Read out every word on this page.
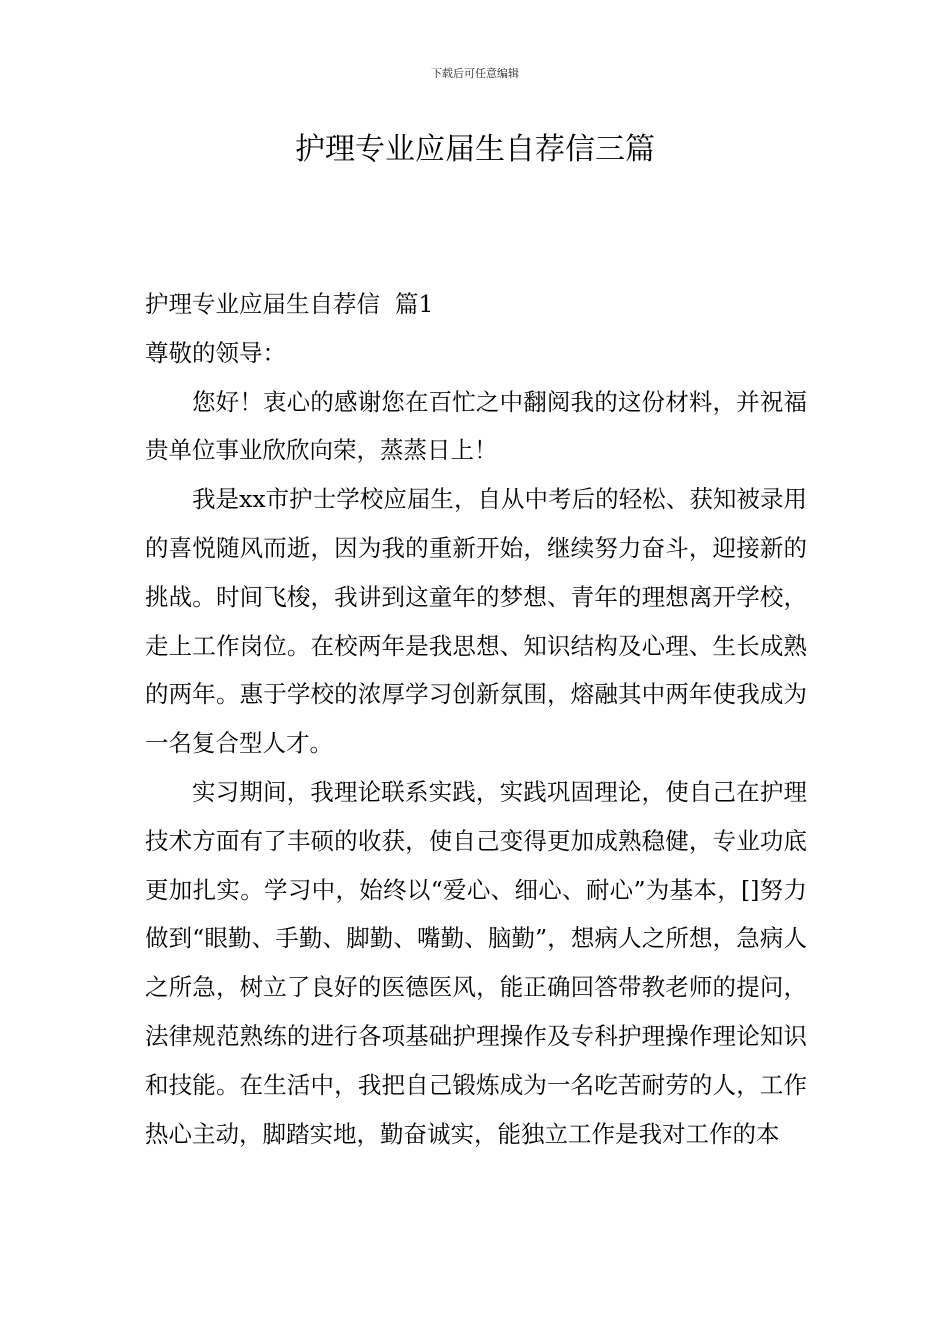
下载后可任意编辑
护理专业应届生自荐信三篇

护理专业应届生自荐信  篇1

尊敬的领导：

您好！衷心的感谢您在百忙之中翻阅我的这份材料，并祝福贵单位事业欣欣向荣，蒸蒸日上！

我是xx市护士学校应届生，自从中考后的轻松、获知被录用的喜悦随风而逝，因为我的重新开始，继续努力奋斗，迎接新的挑战。时间飞梭，我讲到这童年的梦想、青年的理想离开学校，走上工作岗位。在校两年是我思想、知识结构及心理、生长成熟的两年。惠于学校的浓厚学习创新氛围，熔融其中两年使我成为一名复合型人才。

实习期间，我理论联系实践，实践巩固理论，使自己在护理技术方面有了丰硕的收获，使自己变得更加成熟稳健，专业功底更加扎实。学习中，始终以“爱心、细心、耐心”为基本，[]努力做到“眼勤、手勤、脚勤、嘴勤、脑勤”，想病人之所想，急病人之所急，树立了良好的医德医风，能正确回答带教老师的提问，法律规范熟练的进行各项基础护理操作及专科护理操作理论知识和技能。在生活中，我把自己锻炼成为一名吃苦耐劳的人，工作热心主动，脚踏实地，勤奋诚实，能独立工作是我对工作的本
